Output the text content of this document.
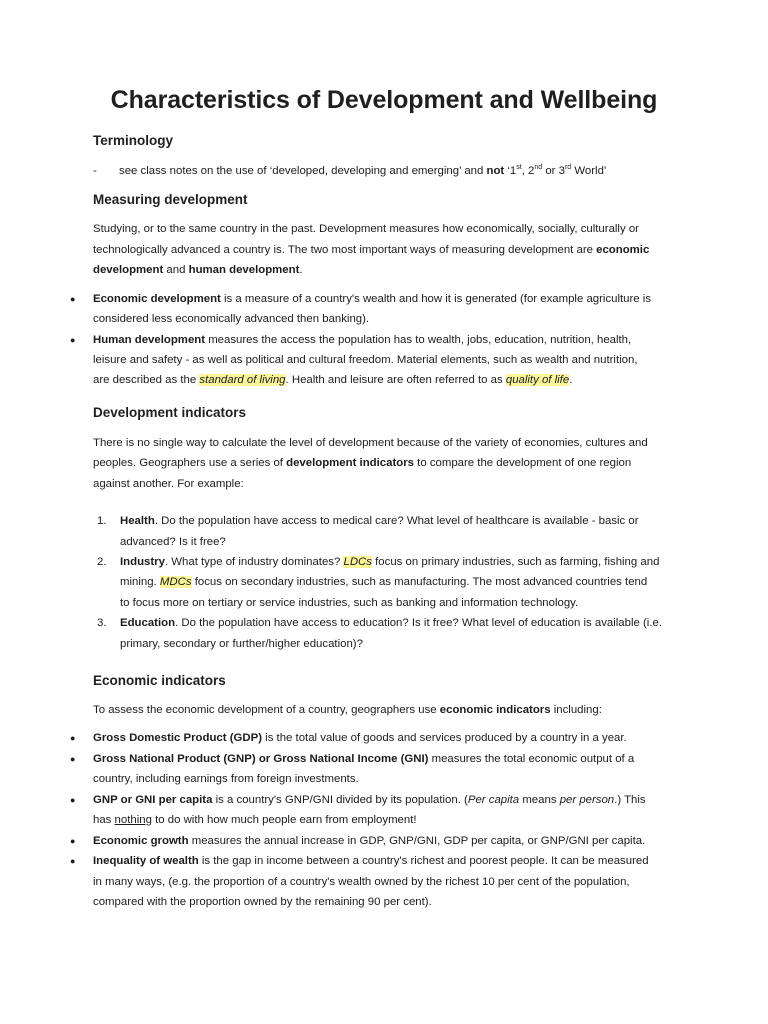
Characteristics of Development and Wellbeing
Terminology
- see class notes on the use of ‘developed, developing and emerging’ and not ‘1st, 2nd or 3rd World’
Measuring development
Studying, or to the same country in the past. Development measures how economically, socially, culturally or
technologically advanced a country is. The two most important ways of measuring development are economic
development and human development.
● Economic development is a measure of a country's wealth and how it is generated (for example agriculture is
considered less economically advanced then banking).
● Human development measures the access the population has to wealth, jobs, education, nutrition, health,
leisure and safety - as well as political and cultural freedom. Material elements, such as wealth and nutrition,
are described as the standard of living. Health and leisure are often referred to as quality of life.
Development indicators
There is no single way to calculate the level of development because of the variety of economies, cultures and
peoples. Geographers use a series of development indicators to compare the development of one region
against another. For example:
1. Health. Do the population have access to medical care? What level of healthcare is available - basic or
advanced? Is it free?
2. Industry. What type of industry dominates? LDCs focus on primary industries, such as farming, fishing and
mining. MDCs focus on secondary industries, such as manufacturing. The most advanced countries tend
to focus more on tertiary or service industries, such as banking and information technology.
3. Education. Do the population have access to education? Is it free? What level of education is available (i.e.
primary, secondary or further/higher education)?
Economic indicators
To assess the economic development of a country, geographers use economic indicators including:
● Gross Domestic Product (GDP) is the total value of goods and services produced by a country in a year.
● Gross National Product (GNP) or Gross National Income (GNI) measures the total economic output of a
country, including earnings from foreign investments.
● GNP or GNI per capita is a country's GNP/GNI divided by its population. (Per capita means per person.) This
has nothing to do with how much people earn from employment!
● Economic growth measures the annual increase in GDP, GNP/GNI, GDP per capita, or GNP/GNI per capita.
● Inequality of wealth is the gap in income between a country's richest and poorest people. It can be measured
in many ways, (e.g. the proportion of a country's wealth owned by the richest 10 per cent of the population,
compared with the proportion owned by the remaining 90 per cent).
